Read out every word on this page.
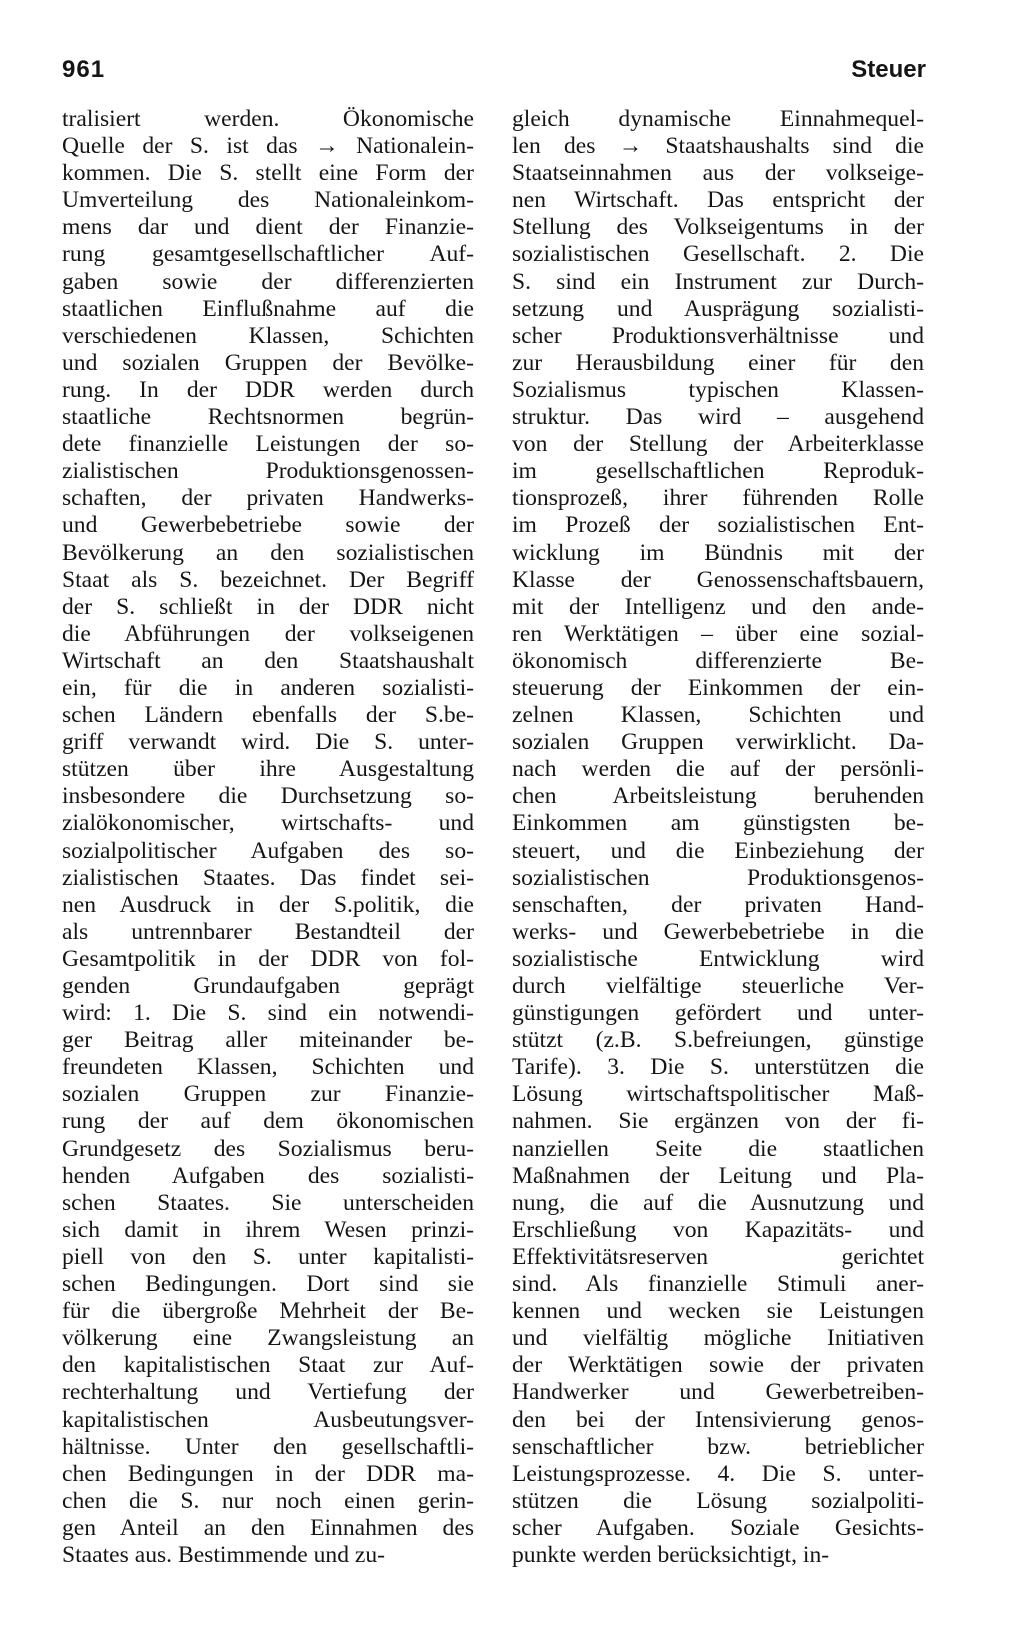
961	Steuer
tralisiert werden. Ökonomische
Quelle der S. ist das → Nationalein-
kommen. Die S. stellt eine Form der
Umverteilung des Nationaleinkom-
mens dar und dient der Finanzie-
rung gesamtgesellschaftlicher Auf-
gaben sowie der differenzierten
staatlichen Einflußnahme auf die
verschiedenen Klassen, Schichten
und sozialen Gruppen der Bevölke-
rung. In der DDR werden durch
staatliche Rechtsnormen begrün-
dete finanzielle Leistungen der so-
zialistischen Produktionsgenossen-
schaften, der privaten Handwerks-
und Gewerbebetriebe sowie der
Bevölkerung an den sozialistischen
Staat als S. bezeichnet. Der Begriff
der S. schließt in der DDR nicht
die Abführungen der volkseigenen
Wirtschaft an den Staatshaushalt
ein, für die in anderen sozialisti-
schen Ländern ebenfalls der S.be-
griff verwandt wird. Die S. unter-
stützen über ihre Ausgestaltung
insbesondere die Durchsetzung so-
zialökonomischer, wirtschafts- und
sozialpolitischer Aufgaben des so-
zialistischen Staates. Das findet sei-
nen Ausdruck in der S.politik, die
als untrennbarer Bestandteil der
Gesamtpolitik in der DDR von fol-
genden Grundaufgaben geprägt
wird: 1. Die S. sind ein notwendi-
ger Beitrag aller miteinander be-
freundeten Klassen, Schichten und
sozialen Gruppen zur Finanzie-
rung der auf dem ökonomischen
Grundgesetz des Sozialismus beru-
henden Aufgaben des sozialisti-
schen Staates. Sie unterscheiden
sich damit in ihrem Wesen prinzi-
piell von den S. unter kapitalisti-
schen Bedingungen. Dort sind sie
für die übergroße Mehrheit der Be-
völkerung eine Zwangsleistung an
den kapitalistischen Staat zur Auf-
rechterhaltung und Vertiefung der
kapitalistischen Ausbeutungsver-
hältnisse. Unter den gesellschaftli-
chen Bedingungen in der DDR ma-
chen die S. nur noch einen gerin-
gen Anteil an den Einnahmen des
Staates aus. Bestimmende und zu-
gleich dynamische Einnahmequel-
len des → Staatshaushalts sind die
Staatseinnahmen aus der volkseige-
nen Wirtschaft. Das entspricht der
Stellung des Volkseigentums in der
sozialistischen Gesellschaft. 2. Die
S. sind ein Instrument zur Durch-
setzung und Ausprägung sozialisti-
scher Produktionsverhältnisse und
zur Herausbildung einer für den
Sozialismus typischen Klassen-
struktur. Das wird – ausgehend
von der Stellung der Arbeiterklasse
im gesellschaftlichen Reproduk-
tionsprozeß, ihrer führenden Rolle
im Prozeß der sozialistischen Ent-
wicklung im Bündnis mit der
Klasse der Genossenschaftsbauern,
mit der Intelligenz und den ande-
ren Werktätigen – über eine sozial-
ökonomisch differenzierte Be-
steuerung der Einkommen der ein-
zelnen Klassen, Schichten und
sozialen Gruppen verwirklicht. Da-
nach werden die auf der persönli-
chen Arbeitsleistung beruhenden
Einkommen am günstigsten be-
steuert, und die Einbeziehung der
sozialistischen Produktionsgenos-
senschaften, der privaten Hand-
werks- und Gewerbebetriebe in die
sozialistische Entwicklung wird
durch vielfältige steuerliche Ver-
günstigungen gefördert und unter-
stützt (z.B. S.befreiungen, günstige
Tarife). 3. Die S. unterstützen die
Lösung wirtschaftspolitischer Maß-
nahmen. Sie ergänzen von der fi-
nanziellen Seite die staatlichen
Maßnahmen der Leitung und Pla-
nung, die auf die Ausnutzung und
Erschließung von Kapazitäts- und
Effektivitätsreserven gerichtet
sind. Als finanzielle Stimuli aner-
kennen und wecken sie Leistungen
und vielfältig mögliche Initiativen
der Werktätigen sowie der privaten
Handwerker und Gewerbetreiben-
den bei der Intensivierung genos-
senschaftlicher bzw. betrieblicher
Leistungsprozesse. 4. Die S. unter-
stützen die Lösung sozialpoliti-
scher Aufgaben. Soziale Gesichts-
punkte werden berücksichtigt, in-
